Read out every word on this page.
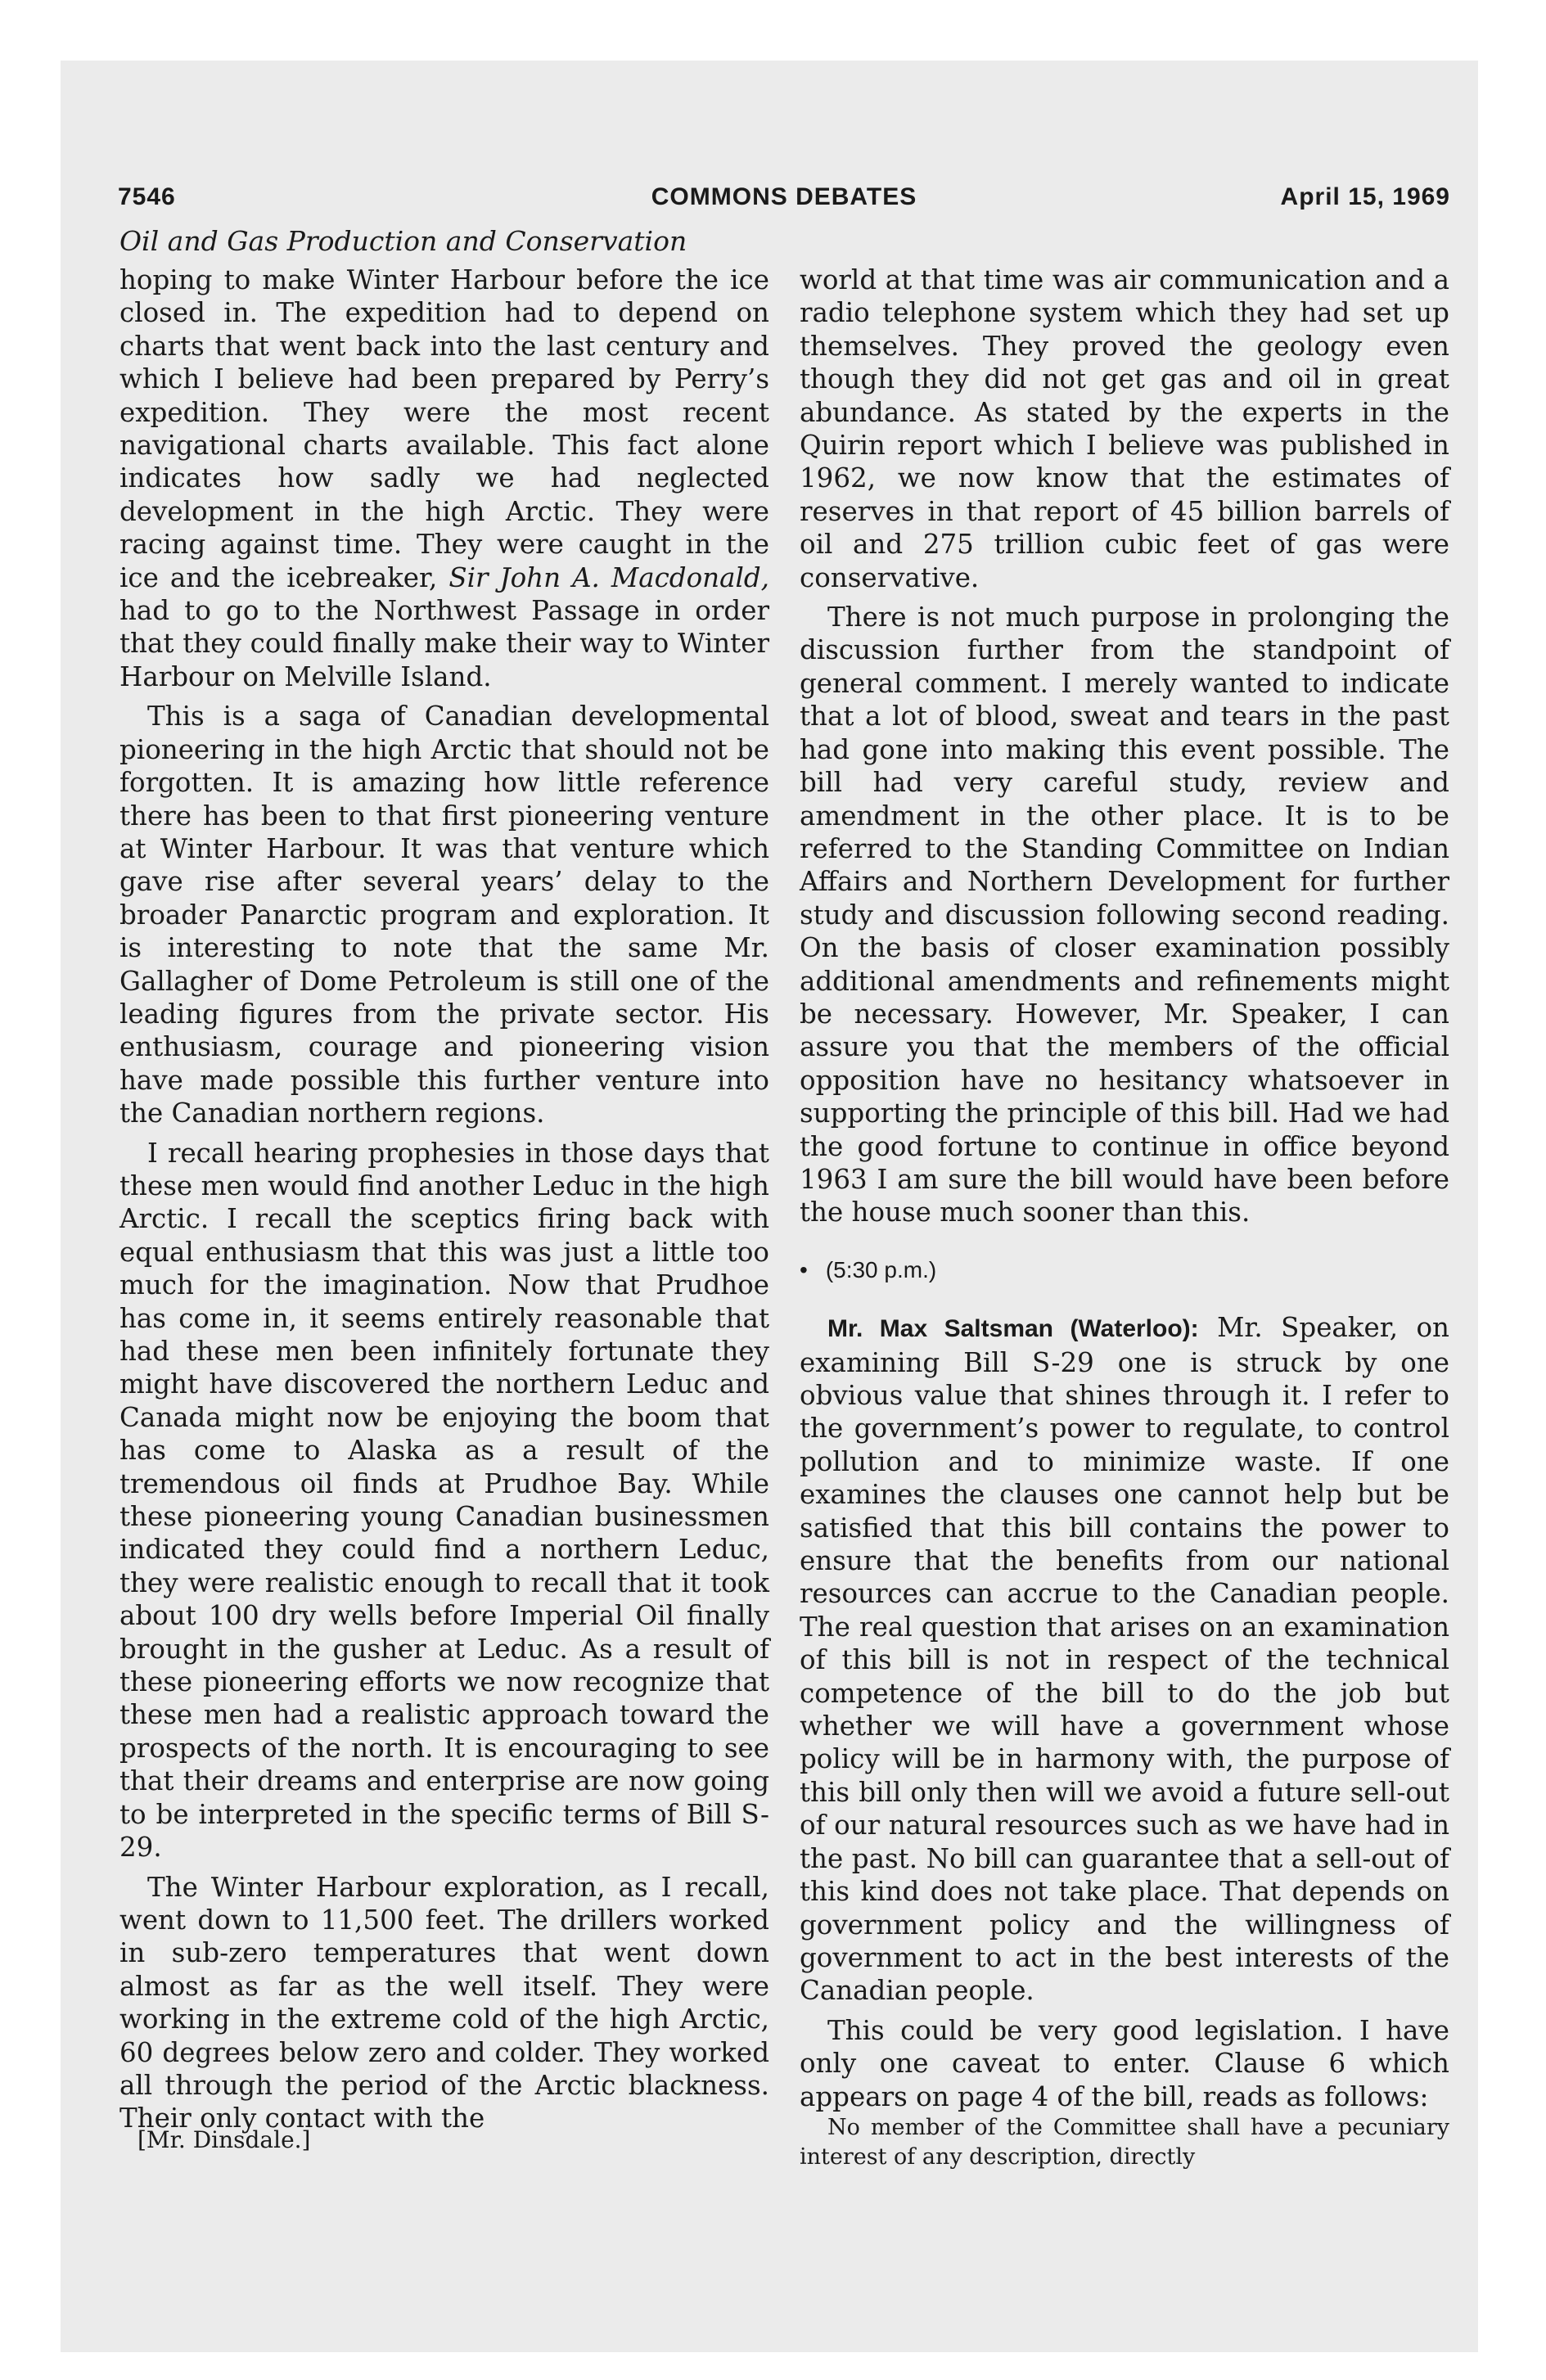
7546	COMMONS DEBATES	April 15, 1969
Oil and Gas Production and Conservation

hoping to make Winter Harbour before the ice closed in. The expedition had to depend on charts that went back into the last century and which I believe had been prepared by Perry’s expedition. They were the most recent navigational charts available. This fact alone indicates how sadly we had neglected development in the high Arctic. They were racing against time. They were caught in the ice and the icebreaker, Sir John A. Macdonald, had to go to the Northwest Passage in order that they could finally make their way to Winter Harbour on Melville Island.

This is a saga of Canadian developmental pioneering in the high Arctic that should not be forgotten. It is amazing how little reference there has been to that first pioneering venture at Winter Harbour. It was that venture which gave rise after several years’ delay to the broader Panarctic program and exploration. It is interesting to note that the same Mr. Gallagher of Dome Petroleum is still one of the leading figures from the private sector. His enthusiasm, courage and pioneering vision have made possible this further venture into the Canadian northern regions.

I recall hearing prophesies in those days that these men would find another Leduc in the high Arctic. I recall the sceptics firing back with equal enthusiasm that this was just a little too much for the imagination. Now that Prudhoe has come in, it seems entirely reasonable that had these men been infinitely fortunate they might have discovered the northern Leduc and Canada might now be enjoying the boom that has come to Alaska as a result of the tremendous oil finds at Prudhoe Bay. While these pioneering young Canadian businessmen indicated they could find a northern Leduc, they were realistic enough to recall that it took about 100 dry wells before Imperial Oil finally brought in the gusher at Leduc. As a result of these pioneering efforts we now recognize that these men had a realistic approach toward the prospects of the north. It is encouraging to see that their dreams and enterprise are now going to be interpreted in the specific terms of Bill S-29.

The Winter Harbour exploration, as I recall, went down to 11,500 feet. The drillers worked in sub-zero temperatures that went down almost as far as the well itself. They were working in the extreme cold of the high Arctic, 60 degrees below zero and colder. They worked all through the period of the Arctic blackness. Their only contact with the

world at that time was air communication and a radio telephone system which they had set up themselves. They proved the geology even though they did not get gas and oil in great abundance. As stated by the experts in the Quirin report which I believe was published in 1962, we now know that the estimates of reserves in that report of 45 billion barrels of oil and 275 trillion cubic feet of gas were conservative.

There is not much purpose in prolonging the discussion further from the standpoint of general comment. I merely wanted to indicate that a lot of blood, sweat and tears in the past had gone into making this event possible. The bill had very careful study, review and amendment in the other place. It is to be referred to the Standing Committee on Indian Affairs and Northern Development for further study and discussion following second reading. On the basis of closer examination possibly additional amendments and refinements might be necessary. However, Mr. Speaker, I can assure you that the members of the official opposition have no hesitancy whatsoever in supporting the principle of this bill. Had we had the good fortune to continue in office beyond 1963 I am sure the bill would have been before the house much sooner than this.

• (5:30 p.m.)

Mr. Max Saltsman (Waterloo): Mr. Speaker, on examining Bill S-29 one is struck by one obvious value that shines through it. I refer to the government’s power to regulate, to control pollution and to minimize waste. If one examines the clauses one cannot help but be satisfied that this bill contains the power to ensure that the benefits from our national resources can accrue to the Canadian people. The real question that arises on an examination of this bill is not in respect of the technical competence of the bill to do the job but whether we will have a government whose policy will be in harmony with, the purpose of this bill only then will we avoid a future sell-out of our natural resources such as we have had in the past. No bill can guarantee that a sell-out of this kind does not take place. That depends on government policy and the willingness of government to act in the best interests of the Canadian people.

This could be very good legislation. I have only one caveat to enter. Clause 6 which appears on page 4 of the bill, reads as follows:

No member of the Committee shall have a pecuniary interest of any description, directly

[Mr. Dinsdale.]
